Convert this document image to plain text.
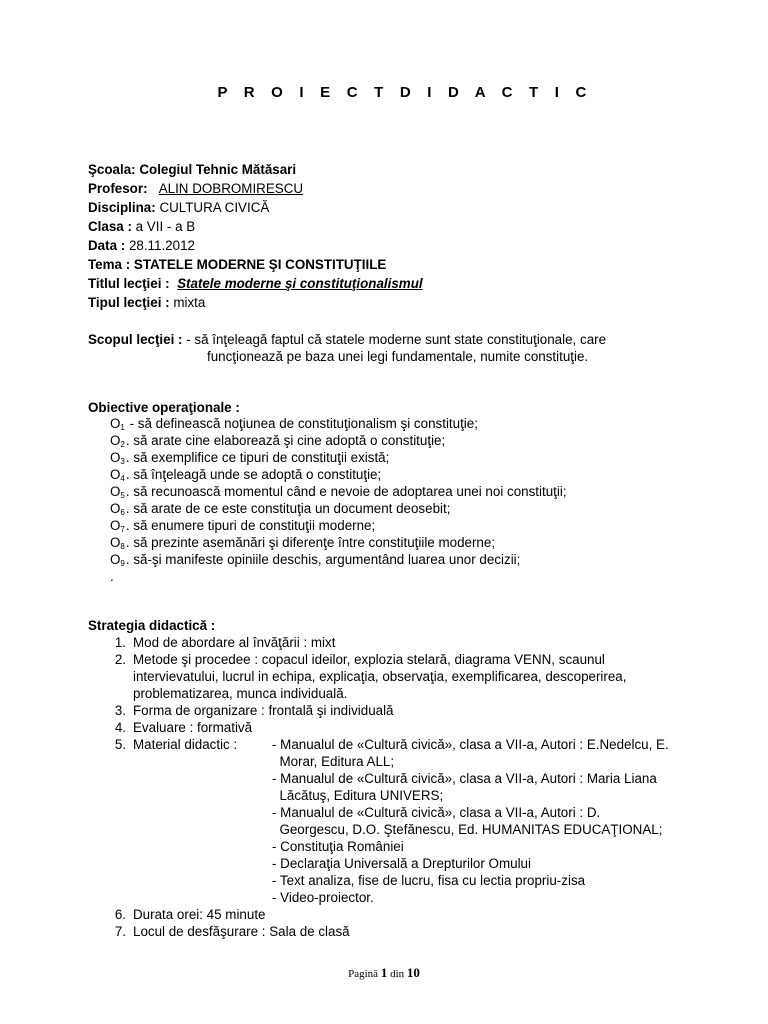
P R O I E C T D I D A C T I C
Şcoala: Colegiul Tehnic Mătăsari
Profesor: ALIN DOBROMIRESCU
Disciplina: CULTURA CIVICĂ
Clasa : a VII - a B
Data : 28.11.2012
Tema : STATELE MODERNE ŞI CONSTITUŢIILE
Titlul lecţiei : Statele moderne şi constituţionalismul
Tipul lecţiei : mixta
Scopul lecţiei : - să înţeleagă faptul că statele moderne sunt state constituţionale, care
funcţionează pe baza unei legi fundamentale, numite constituţie.
Obiective operaţionale :
$O_1$ - să definească noţiunea de constituţionalism şi constituţie;
$O_2$. să arate cine elaborează şi cine adoptă o constituţie;
$O_3$. să exemplifice ce tipuri de constituţii există;
$O_4$. să înţeleagă unde se adoptă o constituţie;
$O_5$. să recunoască momentul când e nevoie de adoptarea unei noi constituţii;
$O_6$. să arate de ce este constituţia un document deosebit;
$O_7$. să enumere tipuri de constituţii moderne;
$O_8$. să prezinte asemănări şi diferenţe între constituţiile moderne;
$O_9$. să-şi manifeste opiniile deschis, argumentând luarea unor decizii;
.
Strategia didactică :
1. Mod de abordare al învăţării : mixt
2. Metode şi procedee : copacul ideilor, explozia stelară, diagrama VENN, scaunul
intervievatului, lucrul in echipa, explicaţia, observaţia, exemplificarea, descoperirea,
problematizarea, munca individuală.
3. Forma de organizare : frontală şi individuală
4. Evaluare : formativă
5. Material didactic :	- Manualul de «Cultură civică», clasa a VII-a, Autori : E.Nedelcu, E.
Morar, Editura ALL;
- Manualul de «Cultură civică», clasa a VII-a, Autori : Maria Liana
Lăcătuş, Editura UNIVERS;
- Manualul de «Cultură civică», clasa a VII-a, Autori : D.
Georgescu, D.O. Ştefănescu, Ed. HUMANITAS EDUCAŢIONAL;
- Constituţia României
- Declaraţia Universală a Drepturilor Omului
- Text analiza, fise de lucru, fisa cu lectia propriu-zisa
- Video-proiector.
6. Durata orei: 45 minute
7. Locul de desfăşurare : Sala de clasă
Pagină 1 din 10
